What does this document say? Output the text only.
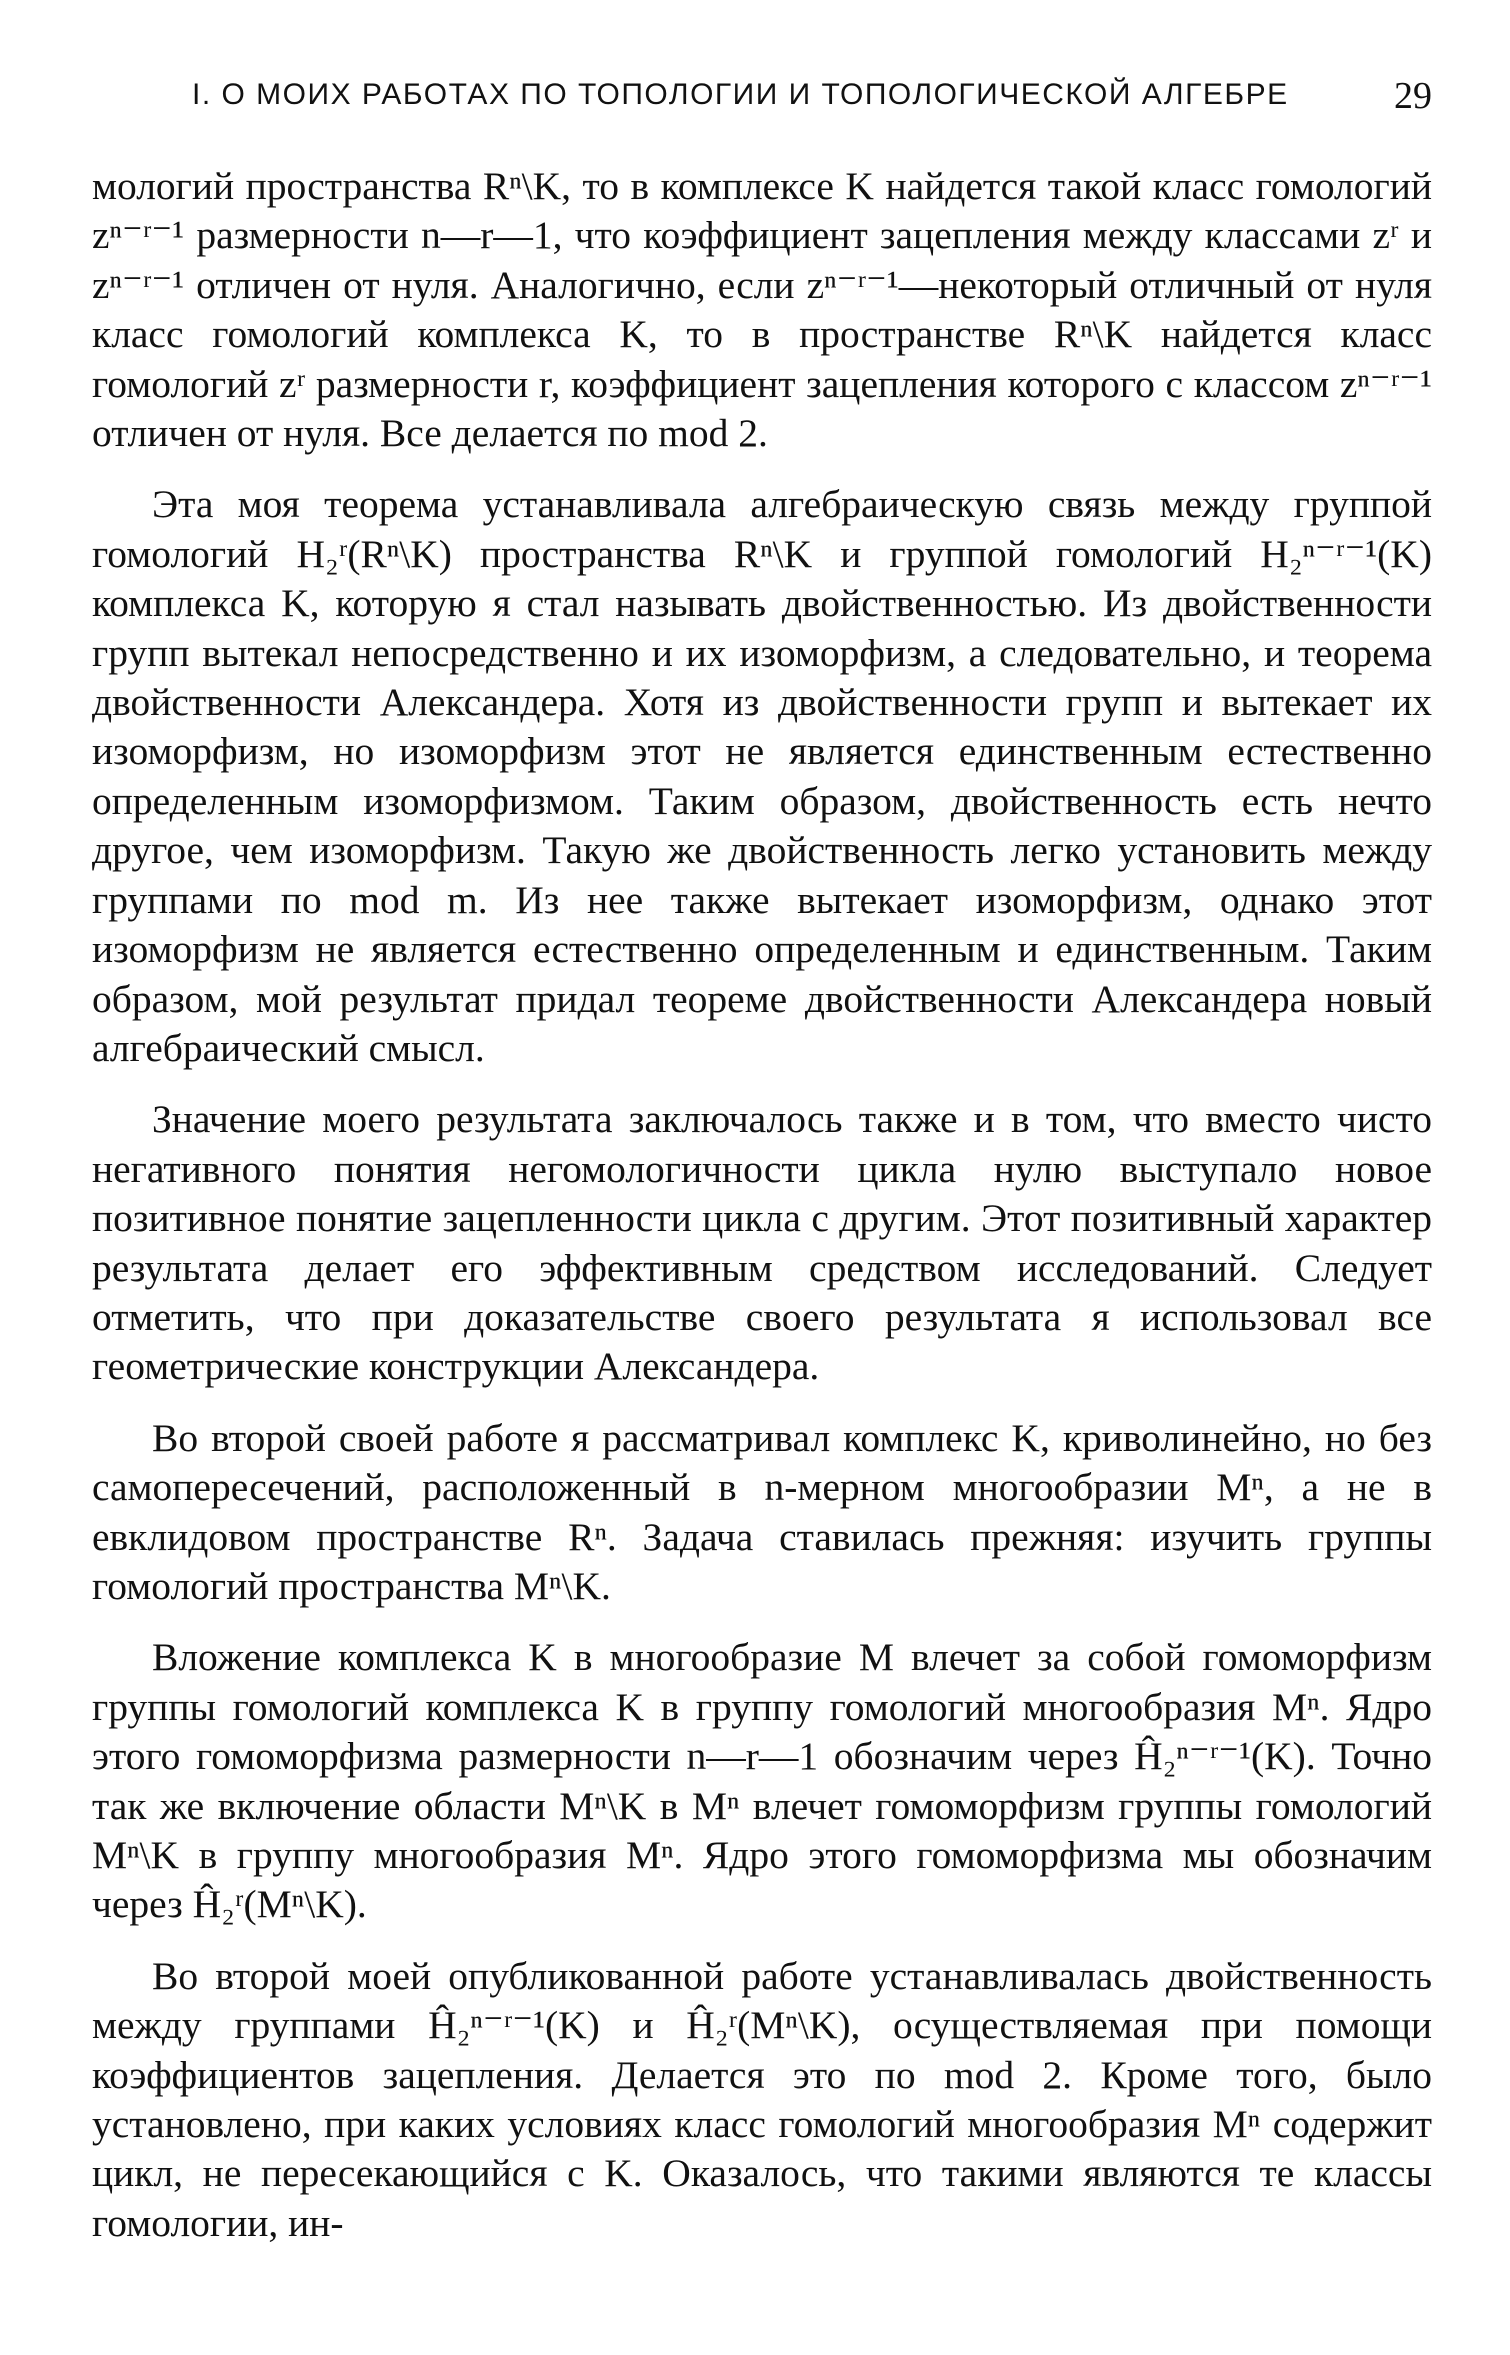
I. О МОИХ РАБОТАХ ПО ТОПОЛОГИИ И ТОПОЛОГИЧЕСКОЙ АЛГЕБРЕ	29

мологий пространства Rⁿ\K, то в комплексе K найдется такой класс гомологий zⁿ⁻ʳ⁻¹ размерности n—r—1, что коэффициент зацепления между классами zʳ и zⁿ⁻ʳ⁻¹ отличен от нуля. Аналогично, если zⁿ⁻ʳ⁻¹—некоторый отличный от нуля класс гомологий комплекса K, то в пространстве Rⁿ\K найдется класс гомологий zʳ размерности r, коэффициент зацепления которого с классом zⁿ⁻ʳ⁻¹ отличен от нуля. Все делается по mod 2.

Эта моя теорема устанавливала алгебраическую связь между группой гомологий H₂ʳ(Rⁿ\K) пространства Rⁿ\K и группой гомологий H₂ⁿ⁻ʳ⁻¹(K) комплекса K, которую я стал называть двойственностью. Из двойственности групп вытекал непосредственно и их изоморфизм, а следовательно, и теорема двойственности Александера. Хотя из двойственности групп и вытекает их изоморфизм, но изоморфизм этот не является единственным естественно определенным изоморфизмом. Таким образом, двойственность есть нечто другое, чем изоморфизм. Такую же двойственность легко установить между группами по mod m. Из нее также вытекает изоморфизм, однако этот изоморфизм не является естественно определенным и единственным. Таким образом, мой результат придал теореме двойственности Александера новый алгебраический смысл.

Значение моего результата заключалось также и в том, что вместо чисто негативного понятия негомологичности цикла нулю выступало новое позитивное понятие зацепленности цикла с другим. Этот позитивный характер результата делает его эффективным средством исследований. Следует отметить, что при доказательстве своего результата я использовал все геометрические конструкции Александера.

Во второй своей работе я рассматривал комплекс K, криволинейно, но без самопересечений, расположенный в n-мерном многообразии Mⁿ, а не в евклидовом пространстве Rⁿ. Задача ставилась прежняя: изучить группы гомологий пространства Mⁿ\K.

Вложение комплекса K в многообразие M влечет за собой гомоморфизм группы гомологий комплекса K в группу гомологий многообразия Mⁿ. Ядро этого гомоморфизма размерности n—r—1 обозначим через Ĥ₂ⁿ⁻ʳ⁻¹(K). Точно так же включение области Mⁿ\K в Mⁿ влечет гомоморфизм группы гомологий Mⁿ\K в группу многообразия Mⁿ. Ядро этого гомоморфизма мы обозначим через Ĥ₂ʳ(Mⁿ\K).

Во второй моей опубликованной работе устанавливалась двойственность между группами Ĥ₂ⁿ⁻ʳ⁻¹(K) и Ĥ₂ʳ(Mⁿ\K), осуществляемая при помощи коэффициентов зацепления. Делается это по mod 2. Кроме того, было установлено, при каких условиях класс гомологий многообразия Mⁿ содержит цикл, не пересекающийся с K. Оказалось, что такими являются те классы гомологии, ин-
